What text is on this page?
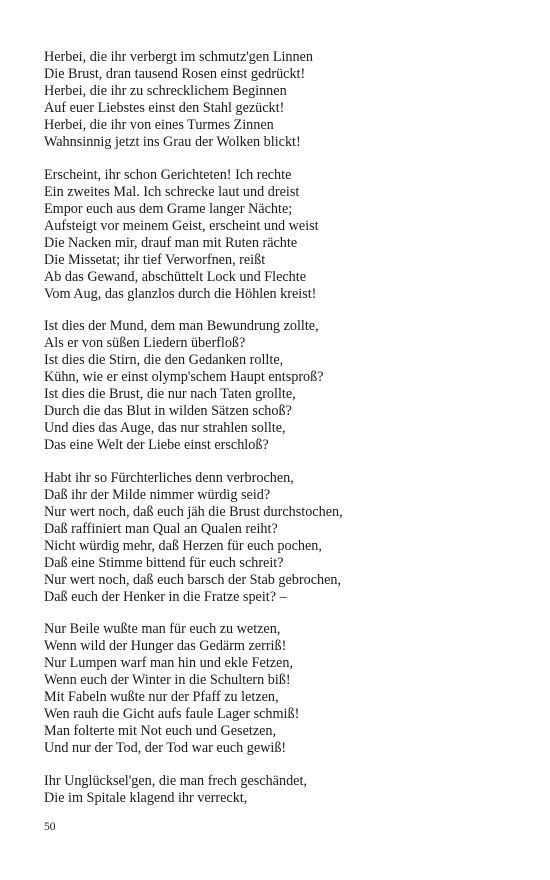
Herbei, die ihr verbergt im schmutz'gen Linnen
Die Brust, dran tausend Rosen einst gedrückt!
Herbei, die ihr zu schrecklichem Beginnen
Auf euer Liebstes einst den Stahl gezückt!
Herbei, die ihr von eines Turmes Zinnen
Wahnsinnig jetzt ins Grau der Wolken blickt!
Erscheint, ihr schon Gerichteten! Ich rechte
Ein zweites Mal. Ich schrecke laut und dreist
Empor euch aus dem Grame langer Nächte;
Aufsteigt vor meinem Geist, erscheint und weist
Die Nacken mir, drauf man mit Ruten rächte
Die Missetat; ihr tief Verworfnen, reißt
Ab das Gewand, abschüttelt Lock und Flechte
Vom Aug, das glanzlos durch die Höhlen kreist!
Ist dies der Mund, dem man Bewundrung zollte,
Als er von süßen Liedern überfloß?
Ist dies die Stirn, die den Gedanken rollte,
Kühn, wie er einst olymp'schem Haupt entsproß?
Ist dies die Brust, die nur nach Taten grollte,
Durch die das Blut in wilden Sätzen schoß?
Und dies das Auge, das nur strahlen sollte,
Das eine Welt der Liebe einst erschloß?
Habt ihr so Fürchterliches denn verbrochen,
Daß ihr der Milde nimmer würdig seid?
Nur wert noch, daß euch jäh die Brust durchstochen,
Daß raffiniert man Qual an Qualen reiht?
Nicht würdig mehr, daß Herzen für euch pochen,
Daß eine Stimme bittend für euch schreit?
Nur wert noch, daß euch barsch der Stab gebrochen,
Daß euch der Henker in die Fratze speit? –
Nur Beile wußte man für euch zu wetzen,
Wenn wild der Hunger das Gedärm zerriß!
Nur Lumpen warf man hin und ekle Fetzen,
Wenn euch der Winter in die Schultern biß!
Mit Fabeln wußte nur der Pfaff zu letzen,
Wen rauh die Gicht aufs faule Lager schmiß!
Man folterte mit Not euch und Gesetzen,
Und nur der Tod, der Tod war euch gewiß!
Ihr Unglücksel'gen, die man frech geschändet,
Die im Spitale klagend ihr verreckt,
50
